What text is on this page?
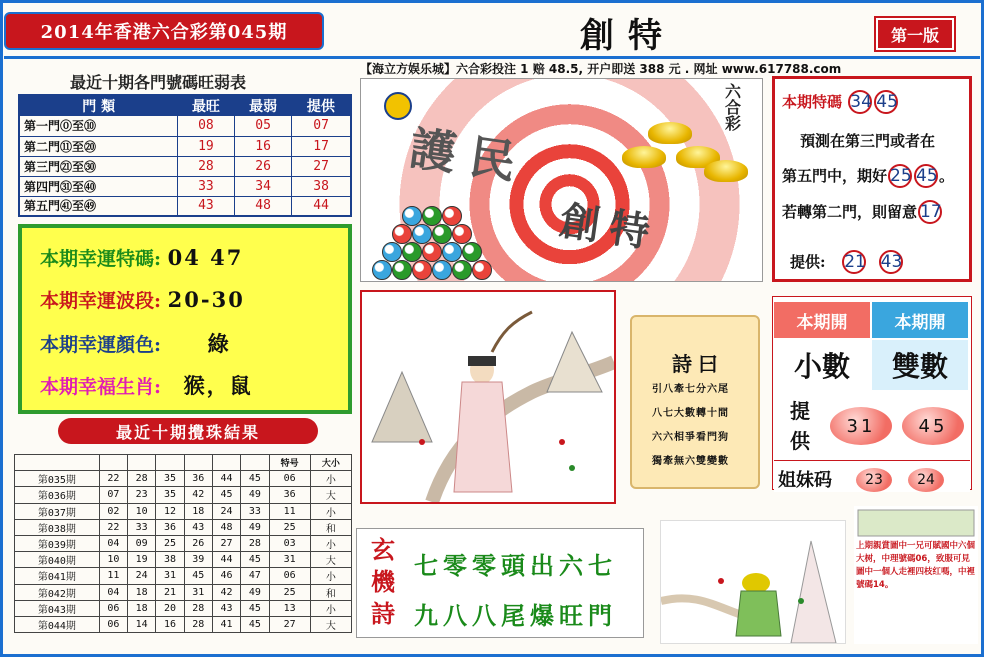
2014年香港六合彩第045期	創特	第一版
【海立方娱乐城】六合彩投注 1 赔 48.5, 开户即送 388 元 . 网址 www.617788.com
最近十期各門號碼旺弱表
門 類	最旺	最弱	提供
第一門⓪至⑩	08	05	07
第二門⑪至⑳	19	16	17
第三門㉑至㉚	28	26	27
第四門㉛至㊵	33	34	38
第五門㊶至㊾	43	48	44
本期幸運特碼: 04 47
本期幸運波段: 20-30
本期幸運顏色: 綠
本期幸福生肖: 猴，鼠
最近十期攪珠結果
							特号	大小
第035期	22	28	35	36	44	45	06	小
第036期	07	23	35	42	45	49	36	大
第037期	02	10	12	18	24	33	11	小
第038期	22	33	36	43	48	49	25	和
第039期	04	09	25	26	27	28	03	小
第040期	10	19	38	39	44	45	31	大
第041期	11	24	31	45	46	47	06	小
第042期	04	18	21	31	42	49	25	和
第043期	06	18	20	28	43	45	13	小
第044期	06	14	16	28	41	45	27	大
護民
創特
六合彩
本期特碼 34 45
預測在第三門或者在
第五門中，期好 25 45。
若轉第二門，則留意 17
提供: 21 43
詩曰
引八牽七分六尾
八七大數轉十間
六六相爭看門狗
獨牽無六雙變數
本期開	本期開
小數	雙數
提供
31	45
姐妹码	23	24
玄機詩
七零零頭出六七
九八八尾爆旺門
上期親賞圖中一兄可賦國中六個大树，中理號碼06，致服可見圖中一個人走裡四枝红嗎，中裡號碼14。
